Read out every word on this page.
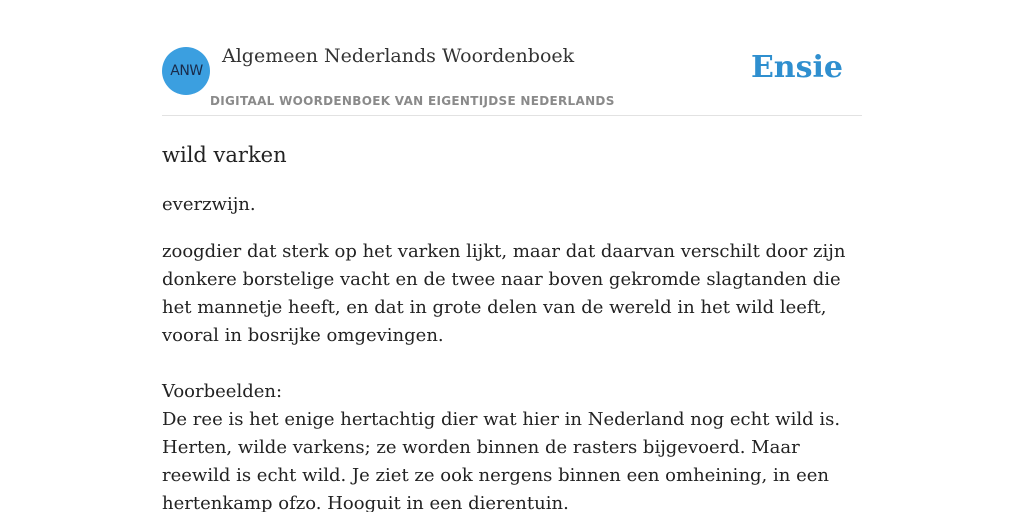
ANW
Algemeen Nederlands Woordenboek
DIGITAAL WOORDENBOEK VAN EIGENTIJDSE NEDERLANDS
Ensie
wild varken

everzwijn.

zoogdier dat sterk op het varken lijkt, maar dat daarvan verschilt door zijn donkere borstelige vacht en de twee naar boven gekromde slagtanden die het mannetje heeft, en dat in grote delen van de wereld in het wild leeft, vooral in bosrijke omgevingen.

Voorbeelden:

De ree is het enige hertachtig dier wat hier in Nederland nog echt wild is. Herten, wilde varkens; ze worden binnen de rasters bijgevoerd. Maar reewild is echt wild. Je ziet ze ook nergens binnen een omheining, in een hertenkamp ofzo. Hooguit in een dierentuin.
